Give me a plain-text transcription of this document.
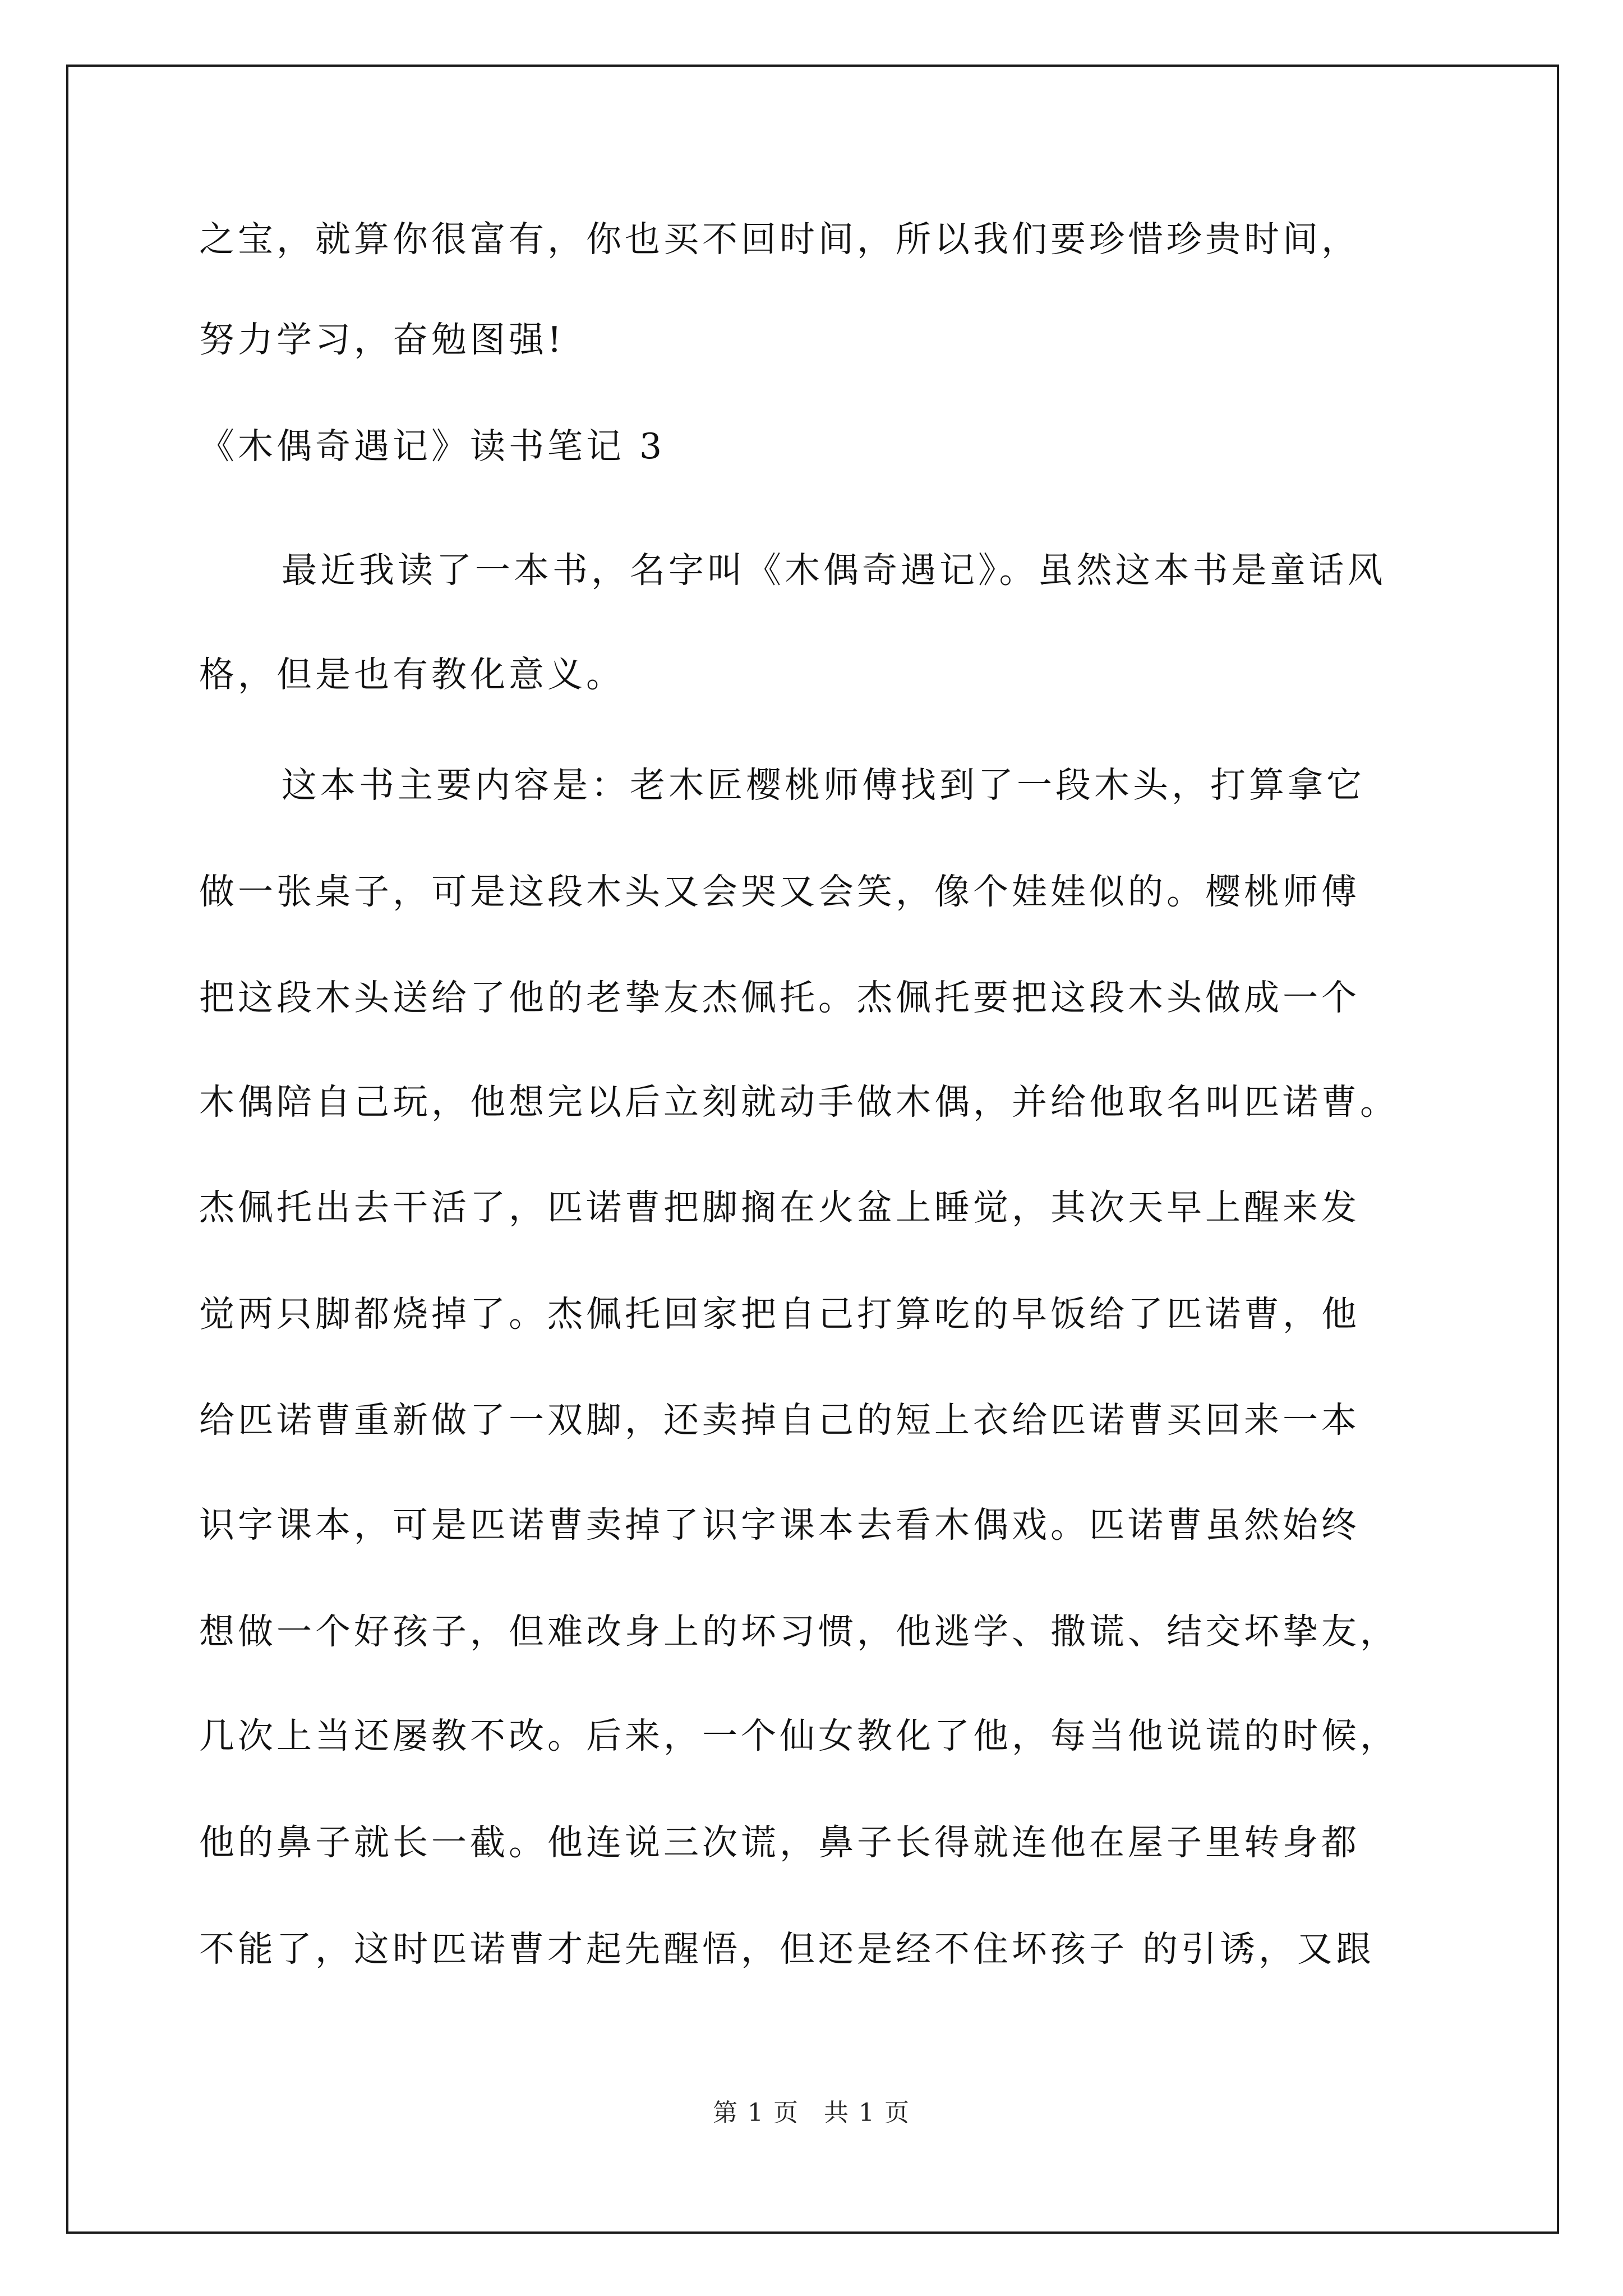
之宝，就算你很富有，你也买不回时间，所以我们要珍惜珍贵时间，
努力学习，奋勉图强!
《木偶奇遇记》读书笔记 3
最近我读了一本书，名字叫《木偶奇遇记》。虽然这本书是童话风
格，但是也有教化意义。
这本书主要内容是：老木匠樱桃师傅找到了一段木头，打算拿它
做一张桌子，可是这段木头又会哭又会笑，像个娃娃似的。樱桃师傅
把这段木头送给了他的老挚友杰佩托。杰佩托要把这段木头做成一个
木偶陪自己玩，他想完以后立刻就动手做木偶，并给他取名叫匹诺曹。
杰佩托出去干活了，匹诺曹把脚搁在火盆上睡觉，其次天早上醒来发
觉两只脚都烧掉了。杰佩托回家把自己打算吃的早饭给了匹诺曹，他
给匹诺曹重新做了一双脚，还卖掉自己的短上衣给匹诺曹买回来一本
识字课本，可是匹诺曹卖掉了识字课本去看木偶戏。匹诺曹虽然始终
想做一个好孩子，但难改身上的坏习惯，他逃学、撒谎、结交坏挚友，
几次上当还屡教不改。后来，一个仙女教化了他，每当他说谎的时候，
他的鼻子就长一截。他连说三次谎，鼻子长得就连他在屋子里转身都
不能了，这时匹诺曹才起先醒悟，但还是经不住坏孩子 的引诱，又跟
第 1 页 共 1 页
